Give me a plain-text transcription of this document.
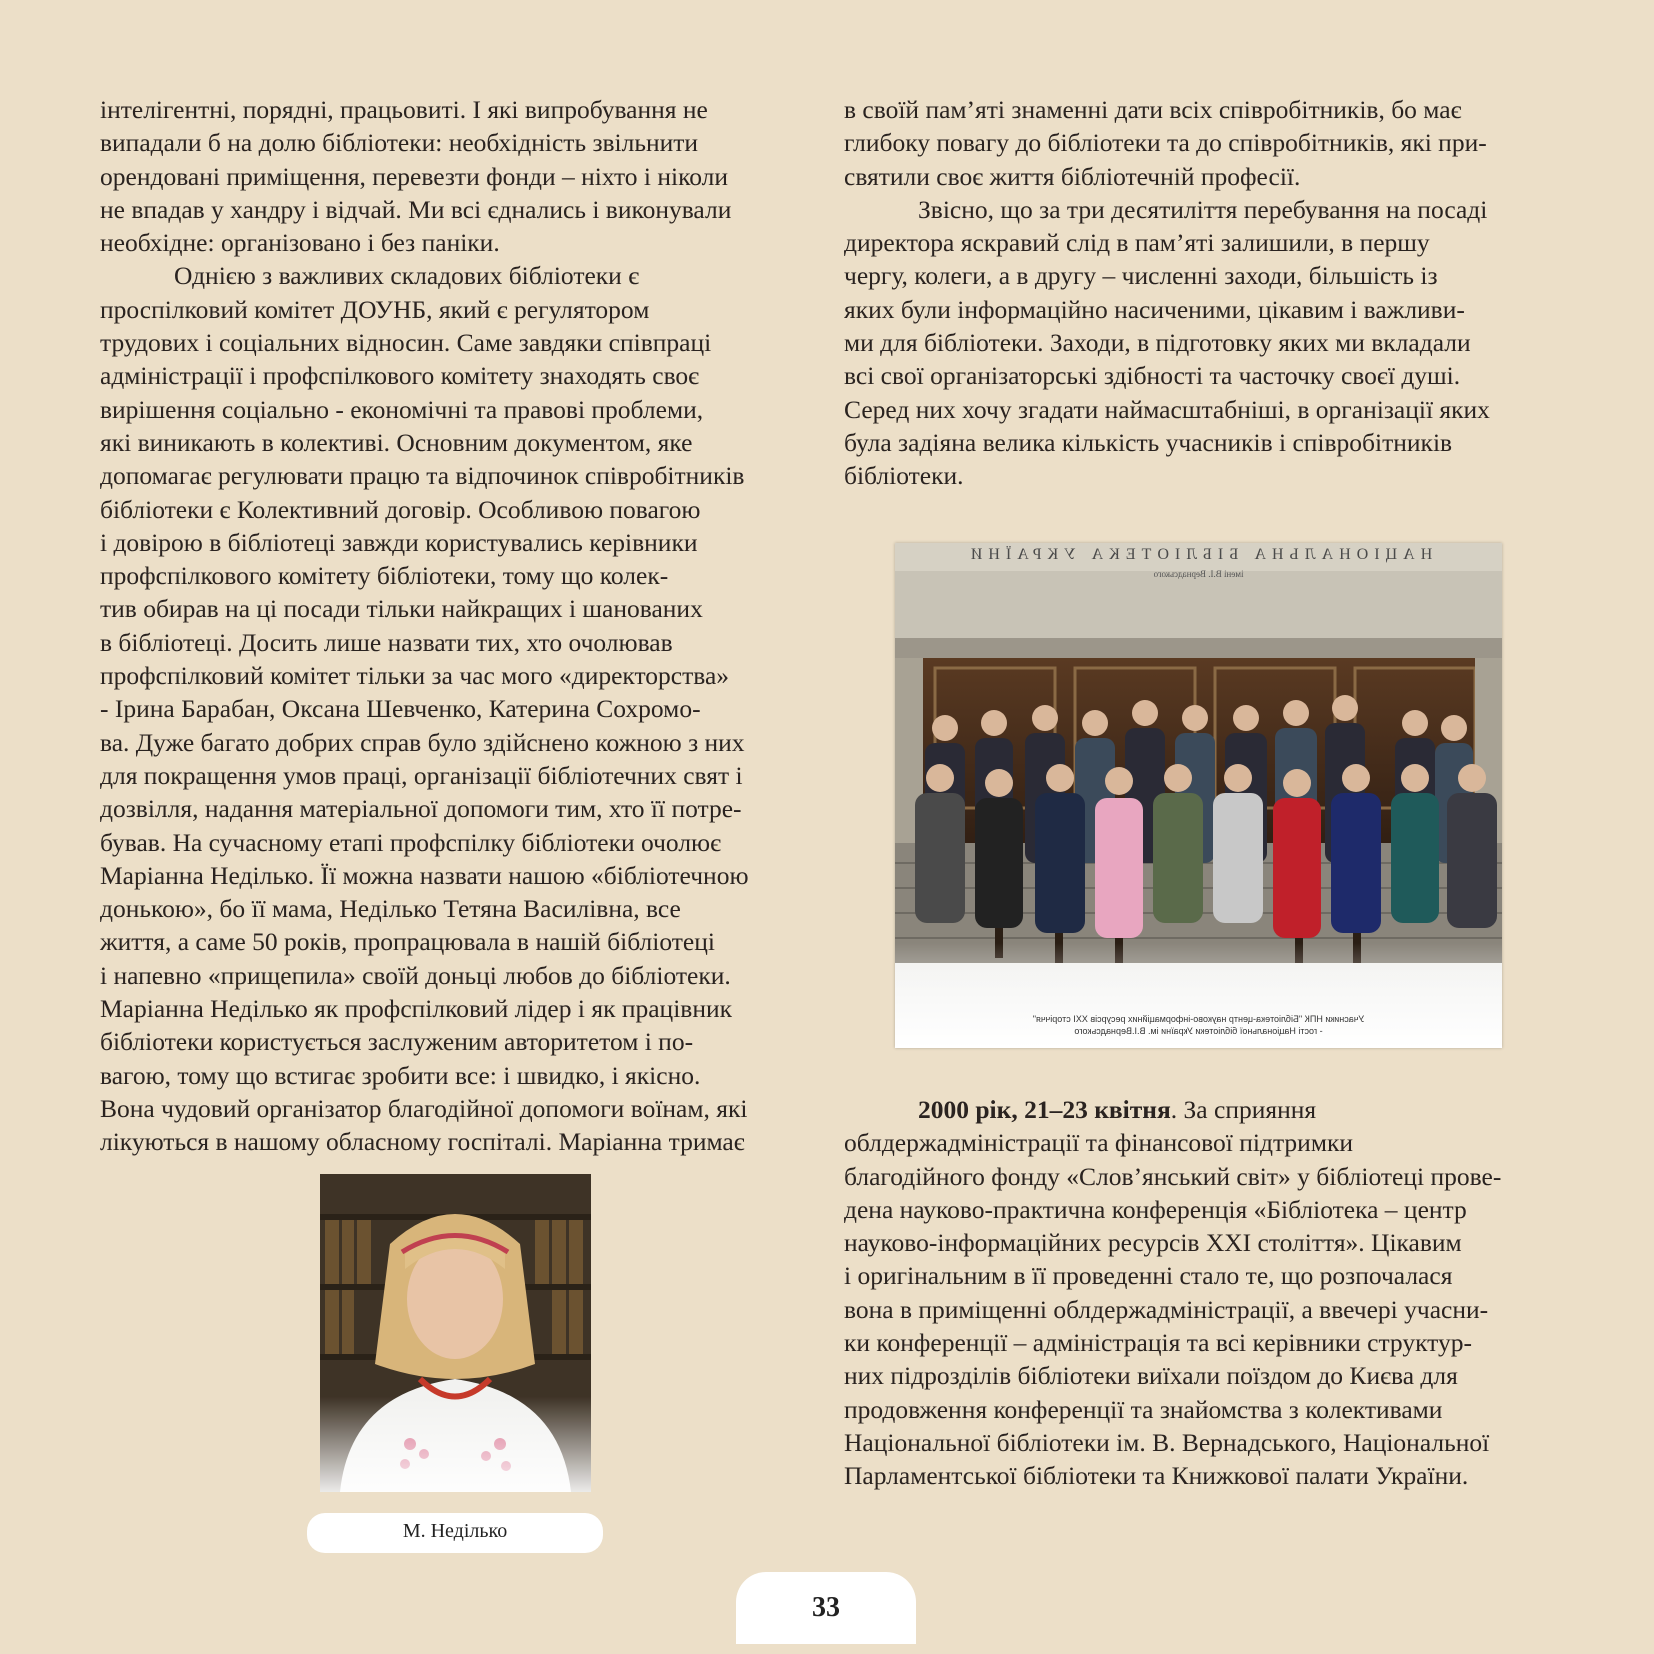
інтелігентні, порядні, працьовиті. І які випробування не
випадали б на долю бібліотеки: необхідність звільнити
орендовані приміщення, перевезти фонди – ніхто і ніколи
не впадав у хандру і відчай. Ми всі єднались і виконували
необхідне: організовано і без паніки.

Однією з важливих складових бібліотеки є
проспілковий комітет ДОУНБ, який є регулятором
трудових і соціальних відносин. Саме завдяки співпраці
адміністрації і профспілкового комітету знаходять своє
вирішення соціально - економічні та правові проблеми,
які виникають в колективі. Основним документом, яке
допомагає регулювати працю та відпочинок співробітників
бібліотеки є Колективний договір. Особливою повагою
і довірою в бібліотеці завжди користувались керівники
профспілкового комітету бібліотеки, тому що колек-
тив обирав на ці посади тільки найкращих і шанованих
в бібліотеці. Досить лише назвати тих, хто очолював
профспілковий комітет тільки за час мого «директорства»
- Ірина Барабан, Оксана Шевченко, Катерина Сохромо-
ва. Дуже багато добрих справ було здійснено кожною з них
для покращення умов праці, організації бібліотечних свят і
дозвілля, надання матеріальної допомоги тим, хто її потре-
бував. На сучасному етапі профспілку бібліотеки очолює
Маріанна Неділько. Її можна назвати нашою «бібліотечною
донькою», бо її мама, Неділько Тетяна Василівна, все
життя, а саме 50 років, пропрацювала в нашій бібліотеці
і напевно «прищепила» своїй доньці любов до бібліотеки.
Маріанна Неділько як профспілковий лідер і як працівник
бібліотеки користується заслуженим авторитетом і по-
вагою, тому що встигає зробити все: і швидко, і якісно.
Вона чудовий організатор благодійної допомоги воїнам, які
лікуються в нашому обласному госпіталі. Маріанна тримає

в своїй пам’яті знаменні дати всіх співробітників, бо має
глибоку повагу до бібліотеки та до співробітників, які при-
святили своє життя бібліотечній професії.

Звісно, що за три десятиліття перебування на посаді
директора яскравий слід в пам’яті залишили, в першу
чергу, колеги, а в другу – численні заходи, більшість із
яких були інформаційно насиченими, цікавим і важливи-
ми для бібліотеки. Заходи, в підготовку яких ми вкладали
всі свої організаторські здібності та часточку своєї душі.
Серед них хочу згадати наймасштабніші, в організації яких
була задіяна велика кількість учасників і співробітників
бібліотеки.

НАЦІОНАЛЬНА БІБЛІОТЕКА УКРАЇНИ
імені В.І. Вернадського
Учасники НПК "Бібліотека-центр науково-інформаційних ресурсів XXI сторіччя"
- гості Національної бібліотеки України ім. В.І.Вернадського

2000 рік, 21–23 квітня. За сприяння
облдержадміністрації та фінансової підтримки
благодійного фонду «Слов’янський світ» у бібліотеці прове-
дена науково-практична конференція «Бібліотека – центр
науково-інформаційних ресурсів XXI століття». Цікавим
і оригінальним в її проведенні стало те, що розпочалася
вона в приміщенні облдержадміністрації, а ввечері учасни-
ки конференції – адміністрація та всі керівники структур-
них підрозділів бібліотеки виїхали поїздом до Києва для
продовження конференції та знайомства з колективами
Національної бібліотеки ім. В. Вернадського, Національної
Парламентської бібліотеки та Книжкової палати України.

М. Неділько
33
